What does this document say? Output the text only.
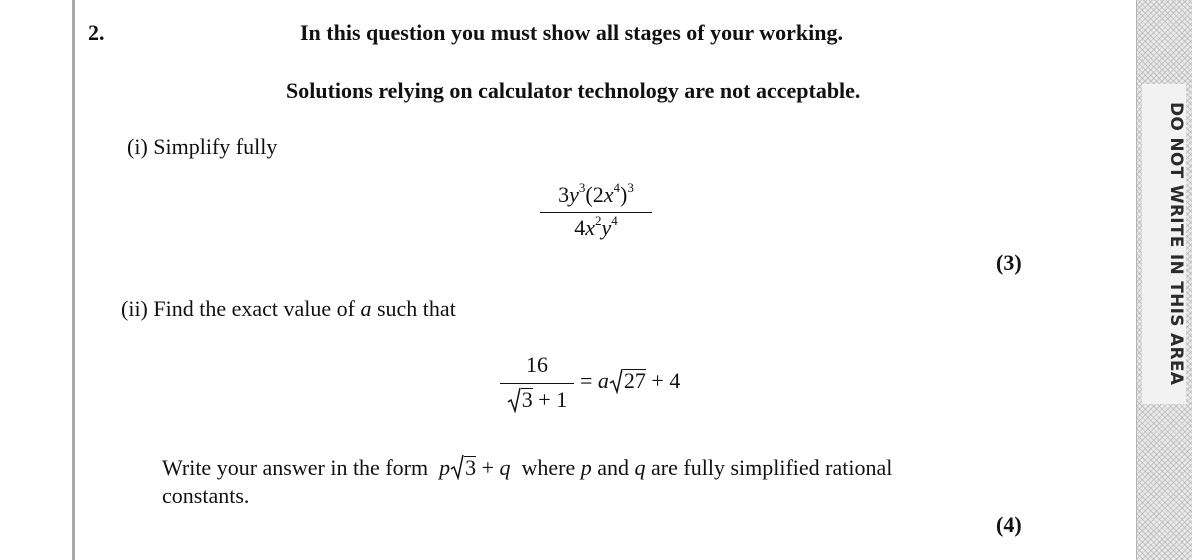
DO NOT WRITE IN THIS AREA
2.	In this question you must show all stages of your working.
Solutions relying on calculator technology are not acceptable.
(i) Simplify fully
$\frac{3y^3(2x^4)^3}{4x^2y^4}$
(3)
(ii) Find the exact value of a such that
$\frac{16}{3 + 1} = a$ 27 + 4
Write your answer in the form p 3 + q where p and q are fully simplified rational constants.
(4)
